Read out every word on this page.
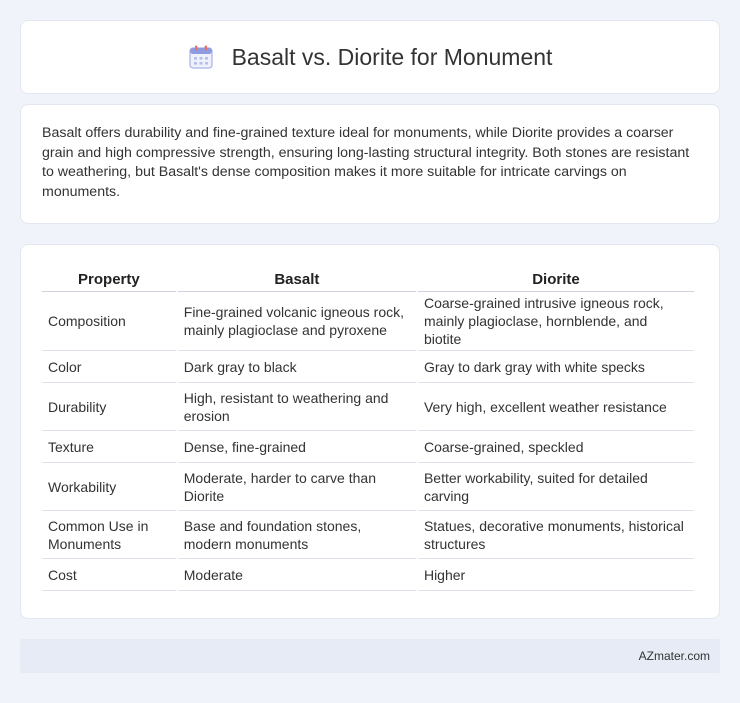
Basalt vs. Diorite for Monument

Basalt offers durability and fine-grained texture ideal for monuments, while Diorite provides a coarser grain and high compressive strength, ensuring long-lasting structural integrity. Both stones are resistant to weathering, but Basalt's dense composition makes it more suitable for intricate carvings on monuments.

Property	Basalt	Diorite
Composition	Fine-grained volcanic igneous rock, mainly plagioclase and pyroxene	Coarse-grained intrusive igneous rock, mainly plagioclase, hornblende, and biotite
Color	Dark gray to black	Gray to dark gray with white specks
Durability	High, resistant to weathering and erosion	Very high, excellent weather resistance
Texture	Dense, fine-grained	Coarse-grained, speckled
Workability	Moderate, harder to carve than Diorite	Better workability, suited for detailed carving
Common Use in Monuments	Base and foundation stones, modern monuments	Statues, decorative monuments, historical structures
Cost	Moderate	Higher
AZmater.com
